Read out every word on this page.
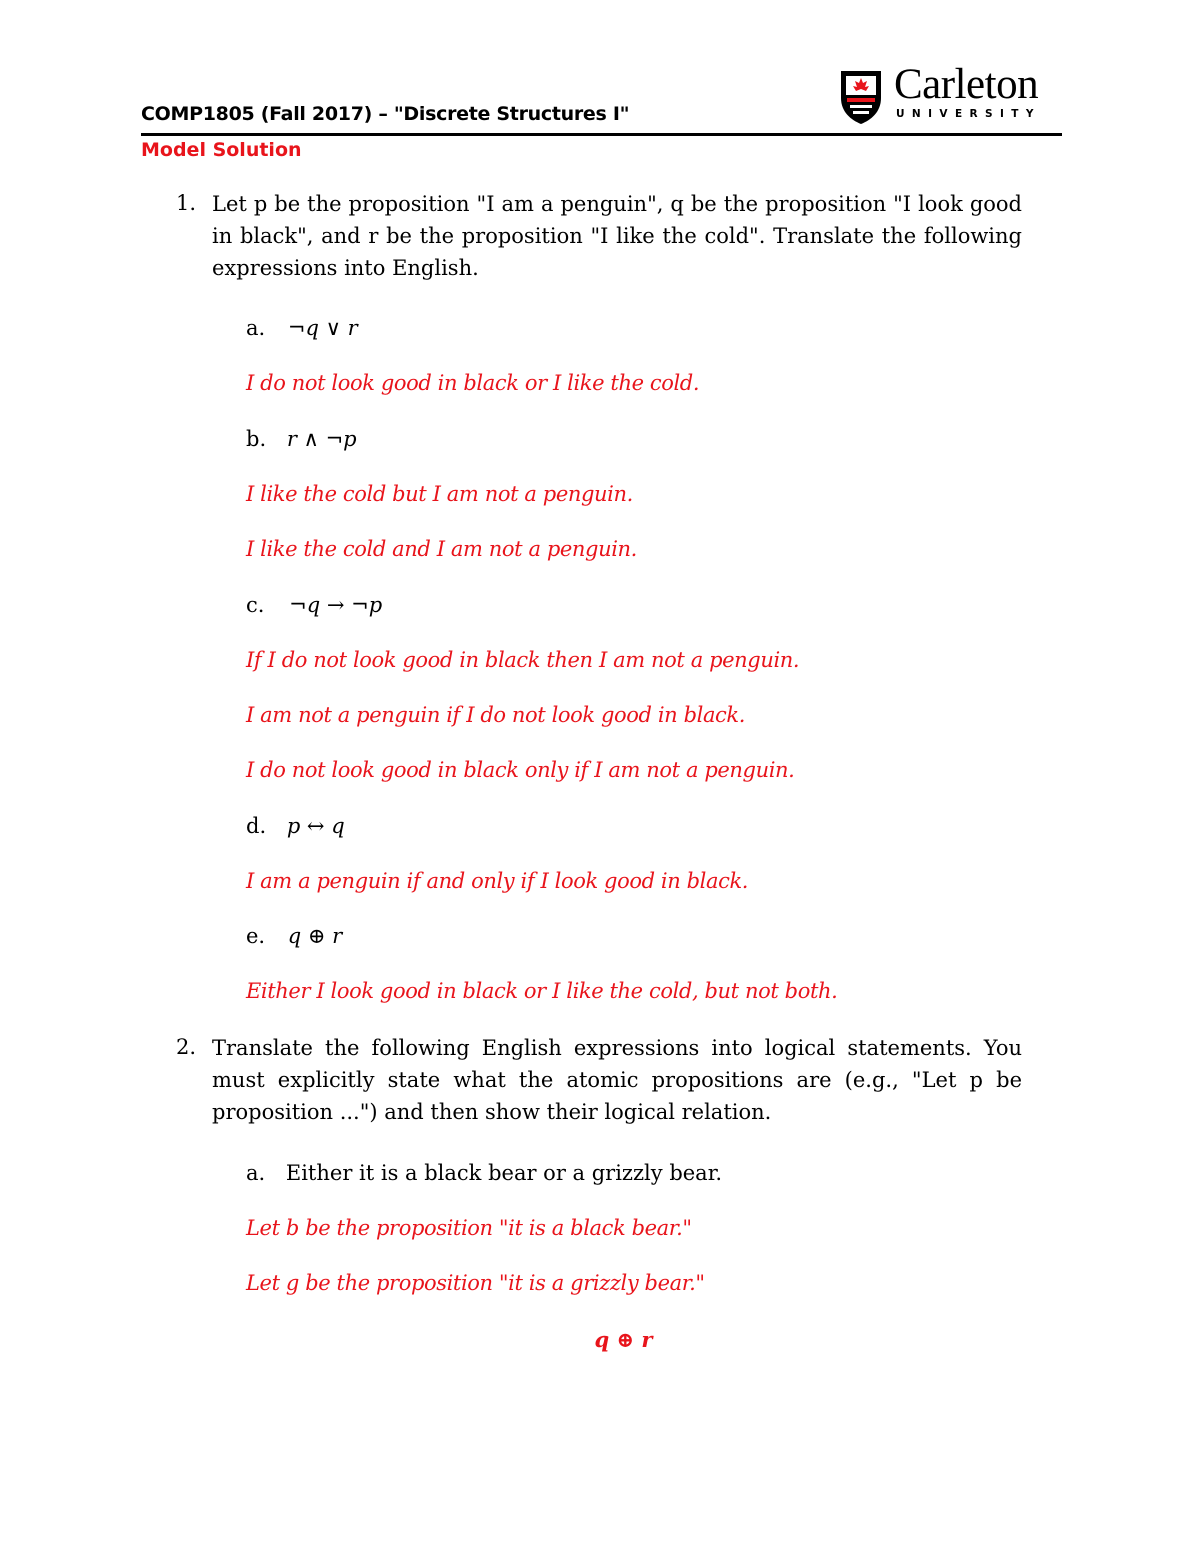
Carleton
UNIVERSITY
COMP1805 (Fall 2017) – "Discrete Structures I"
Model Solution
1. Let p be the proposition "I am a penguin", q be the proposition "I look good in black", and r be the proposition "I like the cold". Translate the following expressions into English.
a. ¬q ∨ r
I do not look good in black or I like the cold.
b. r ∧ ¬p
I like the cold but I am not a penguin.
I like the cold and I am not a penguin.
c. ¬q → ¬p
If I do not look good in black then I am not a penguin.
I am not a penguin if I do not look good in black.
I do not look good in black only if I am not a penguin.
d. p ↔ q
I am a penguin if and only if I look good in black.
e. q ⊕ r
Either I look good in black or I like the cold, but not both.
2. Translate the following English expressions into logical statements. You must explicitly state what the atomic propositions are (e.g., "Let p be proposition ...") and then show their logical relation.
a. Either it is a black bear or a grizzly bear.
Let b be the proposition "it is a black bear."
Let g be the proposition "it is a grizzly bear."
q ⊕ r
